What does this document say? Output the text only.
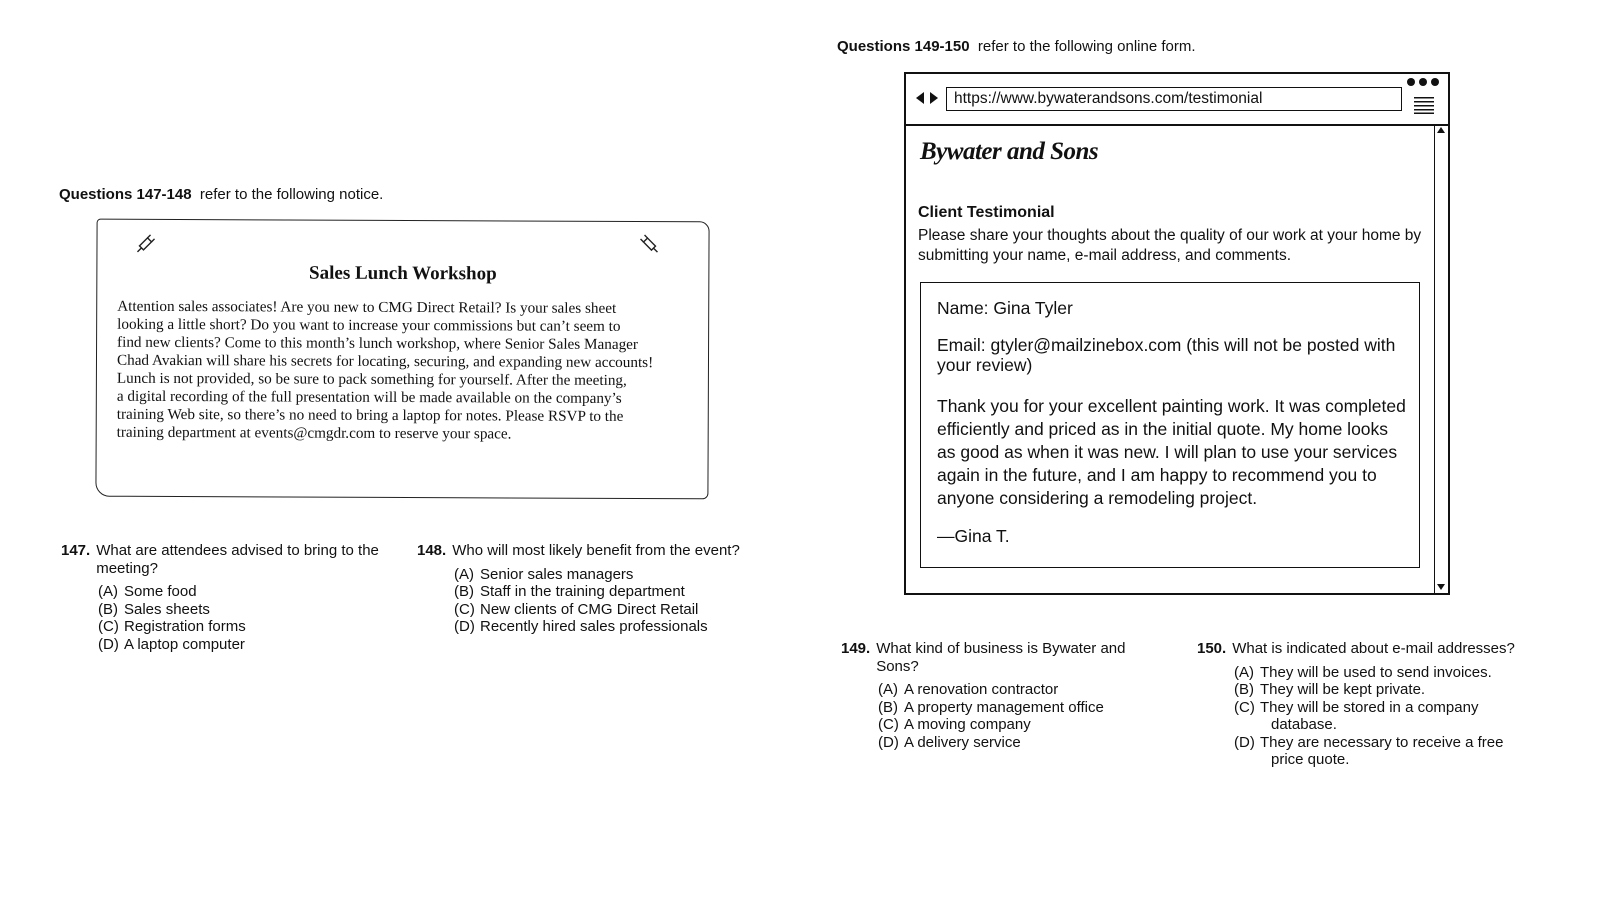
Questions 147-148 refer to the following notice.
Sales Lunch Workshop
Attention sales associates! Are you new to CMG Direct Retail? Is your sales sheet
looking a little short? Do you want to increase your commissions but can’t seem to
find new clients? Come to this month’s lunch workshop, where Senior Sales Manager
Chad Avakian will share his secrets for locating, securing, and expanding new accounts!
Lunch is not provided, so be sure to pack something for yourself. After the meeting,
a digital recording of the full presentation will be made available on the company’s
training Web site, so there’s no need to bring a laptop for notes. Please RSVP to the
training department at events@cmgdr.com to reserve your space.
147. What are attendees advised to bring to the
meeting?
(A) Some food
(B) Sales sheets
(C) Registration forms
(D) A laptop computer
148. Who will most likely benefit from the event?
(A) Senior sales managers
(B) Staff in the training department
(C) New clients of CMG Direct Retail
(D) Recently hired sales professionals
Questions 149-150 refer to the following online form.
https://www.bywaterandsons.com/testimonial
Bywater and Sons
Client Testimonial
Please share your thoughts about the quality of our work at your home by submitting your name, e-mail address, and comments.
Name: Gina Tyler
Email: gtyler@mailzinebox.com (this will not be posted with
your review)
Thank you for your excellent painting work. It was completed
efficiently and priced as in the initial quote. My home looks
as good as when it was new. I will plan to use your services
again in the future, and I am happy to recommend you to
anyone considering a remodeling project.
—Gina T.
149. What kind of business is Bywater and
Sons?
(A) A renovation contractor
(B) A property management office
(C) A moving company
(D) A delivery service
150. What is indicated about e-mail addresses?
(A) They will be used to send invoices.
(B) They will be kept private.
(C) They will be stored in a company
database.
(D) They are necessary to receive a free
price quote.
